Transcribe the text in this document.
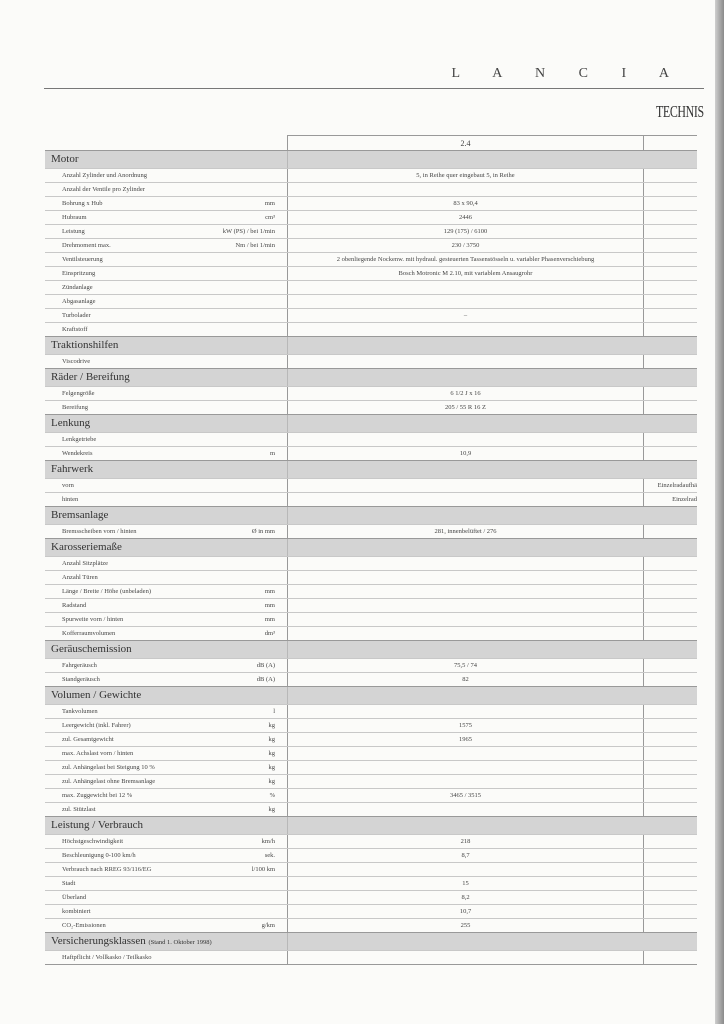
L A N C I A
TECHNIS
2.4
Motor
Anzahl Zylinder und Anordnung	5, in Reihe quer eingebaut 5, in Reihe
Anzahl der Ventile pro Zylinder
Bohrung x Hub	mm	83 x 90,4
Hubraum	cm³	2446
Leistung	kW (PS) / bei 1/min	129 (175) / 6100
Drehmoment max.	Nm / bei 1/min	230 / 3750
Ventilsteuerung	2 obenliegende Nockenw. mit hydraul. gesteuerten Tassenstösseln u. variabler Phasenverschiebung
Einspritzung	Bosch Motronic M 2.10, mit variablem Ansaugrohr
Zündanlage
Abgasanlage
Turbolader	–
Kraftstoff
Traktionshilfen
Viscodrive
Räder / Bereifung
Felgengröße	6 1/2 J x 16
Bereifung	205 / 55 R 16 Z
Lenkung
Lenkgetriebe
Wendekreis	m	10,9
Fahrwerk
vorn	Einzelradaufhä
hinten	Einzelrad
Bremsanlage
Bremsscheiben vorn / hinten	Ø in mm	281, innenbelüftet / 276
Karosseriemaße
Anzahl Sitzplätze
Anzahl Türen
Länge / Breite / Höhe (unbeladen)	mm
Radstand	mm
Spurweite vorn / hinten	mm
Kofferraumvolumen	dm³
Geräuschemission
Fahrgeräusch	dB (A)	75,5 / 74
Standgeräusch	dB (A)	82
Volumen / Gewichte
Tankvolumen	l
Leergewicht (inkl. Fahrer)	kg	1575
zul. Gesamtgewicht	kg	1965
max. Achslast vorn / hinten	kg
zul. Anhängelast bei Steigung 10 %	kg
zul. Anhängelast ohne Bremsanlage	kg
max. Zuggewicht bei 12 %	%	3465 / 3515
zul. Stützlast	kg
Leistung / Verbrauch
Höchstgeschwindigkeit	km/h	218
Beschleunigung 0-100 km/h	sek.	8,7
Verbrauch nach RREG 93/116/EG	l/100 km
Stadt	15
Überland	8,2
kombiniert	10,7
CO₂-Emissionen	g/km	255
Versicherungsklassen (Stand 1. Oktober 1998)
Haftpflicht / Vollkasko / Teilkasko
